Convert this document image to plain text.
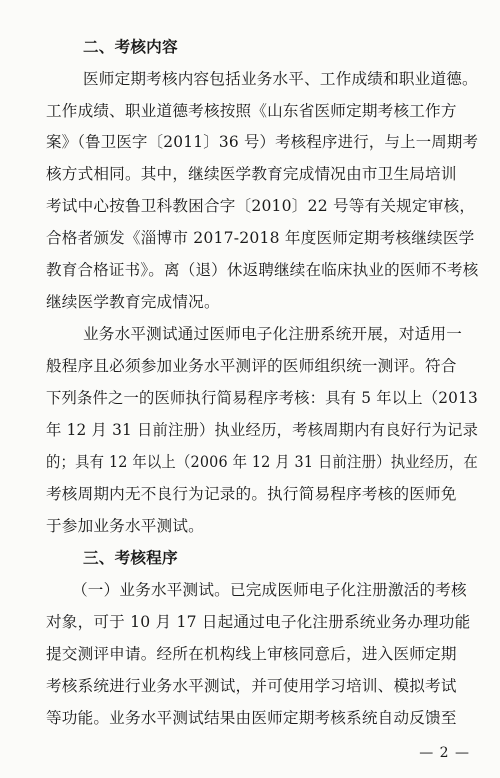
二、考核内容
医师定期考核内容包括业务水平、工作成绩和职业道德。
工作成绩、职业道德考核按照《山东省医师定期考核工作方
案》（鲁卫医字〔2011〕36 号）考核程序进行，与上一周期考
核方式相同。其中，继续医学教育完成情况由市卫生局培训
考试中心按鲁卫科教困合字〔2010〕22 号等有关规定审核，
合格者颁发《淄博市 2017-2018 年度医师定期考核继续医学
教育合格证书》。离（退）休返聘继续在临床执业的医师不考核
继续医学教育完成情况。
业务水平测试通过医师电子化注册系统开展，对适用一
般程序且必须参加业务水平测评的医师组织统一测评。符合
下列条件之一的医师执行简易程序考核：具有 5 年以上（2013
年 12 月 31 日前注册）执业经历，考核周期内有良好行为记录
的；具有 12 年以上（2006 年 12 月 31 日前注册）执业经历，在
考核周期内无不良行为记录的。执行简易程序考核的医师免
于参加业务水平测试。
三、考核程序
（一）业务水平测试。已完成医师电子化注册激活的考核
对象，可于 10 月 17 日起通过电子化注册系统业务办理功能
提交测评申请。经所在机构线上审核同意后，进入医师定期
考核系统进行业务水平测试，并可使用学习培训、模拟考试
等功能。业务水平测试结果由医师定期考核系统自动反馈至
— 2 —
